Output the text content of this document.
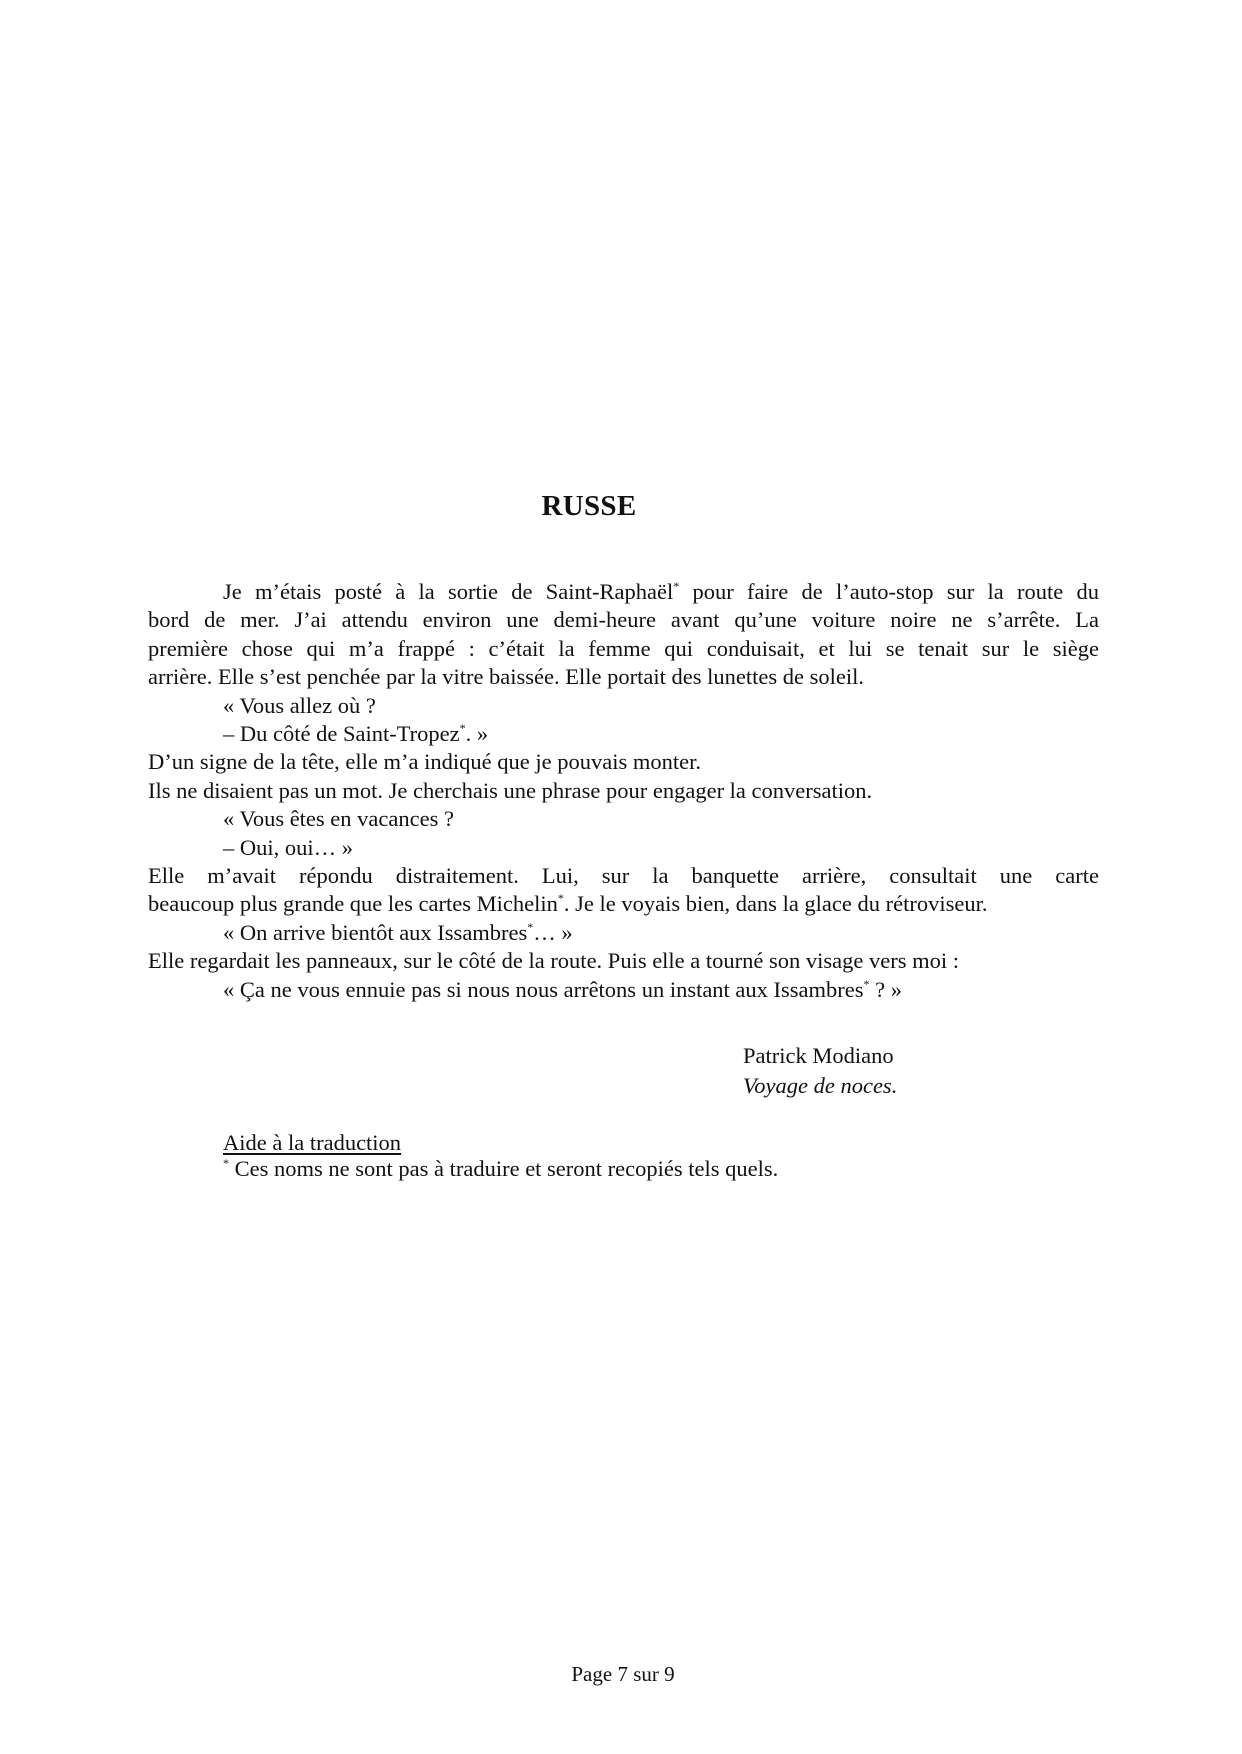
RUSSE

Je m’étais posté à la sortie de Saint-Raphaël* pour faire de l’auto-stop sur la route du

bord de mer. J’ai attendu environ une demi-heure avant qu’une voiture noire ne s’arrête. La

première chose qui m’a frappé : c’était la femme qui conduisait, et lui se tenait sur le siège

arrière. Elle s’est penchée par la vitre baissée. Elle portait des lunettes de soleil.

« Vous allez où ?

– Du côté de Saint-Tropez*. »

D’un signe de la tête, elle m’a indiqué que je pouvais monter.

Ils ne disaient pas un mot. Je cherchais une phrase pour engager la conversation.

« Vous êtes en vacances ?

– Oui, oui… »

Elle m’avait répondu distraitement. Lui, sur la banquette arrière, consultait une carte

beaucoup plus grande que les cartes Michelin*. Je le voyais bien, dans la glace du rétroviseur.

« On arrive bientôt aux Issambres*… »

Elle regardait les panneaux, sur le côté de la route. Puis elle a tourné son visage vers moi :

« Ça ne vous ennuie pas si nous nous arrêtons un instant aux Issambres* ? »

Patrick Modiano
Voyage de noces.
Aide à la traduction
* Ces noms ne sont pas à traduire et seront recopiés tels quels.
Page 7 sur 9
